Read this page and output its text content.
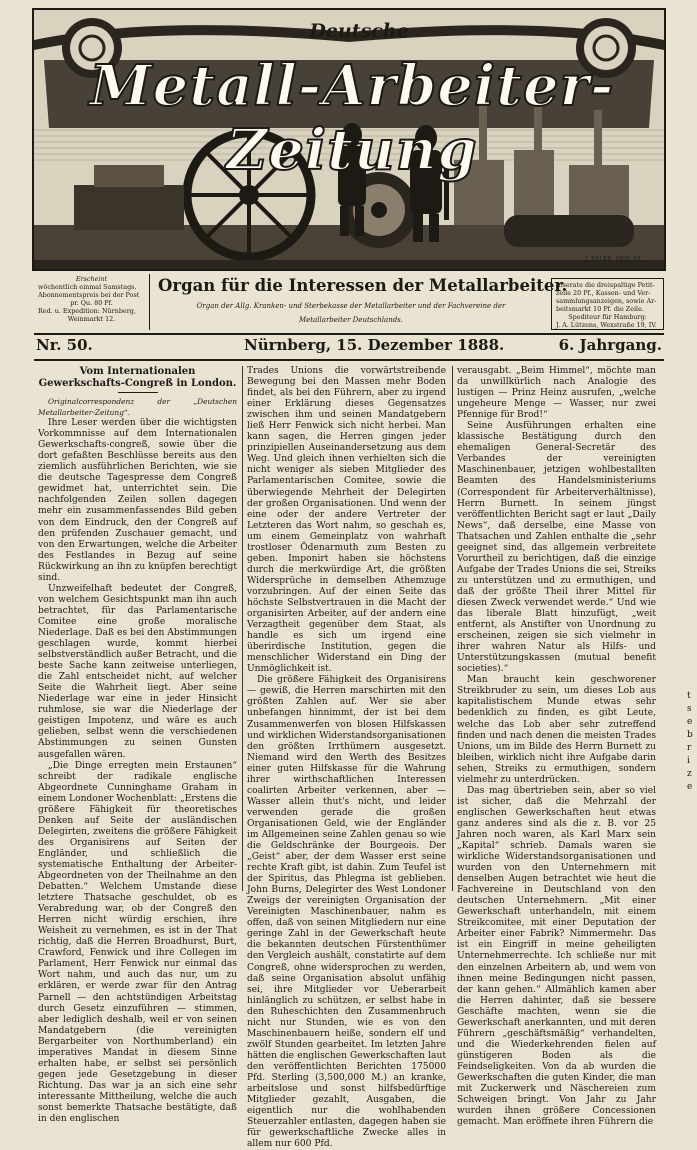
Deutsche
Metall-Arbeiter-Zeitung
J. FALKE, SEN. ST.
Erscheint
wöchentlich einmal Samstags.
Abonnementspreis bei der Post
pr. Qu. 80 Pf.
Red. u. Expedition: Nürnberg,
Weinmarkt 12.
Organ für die Interessen der Metallarbeiter.
Organ der Allg. Kranken- und Sterbekasse der Metallarbeiter und der Fachvereine der
Metallarbeiter Deutschlands.
Inserate die dreispaltige Petit-
zeile 20 Pf., Kassen- und Ver-
sammlungsanzeigen, sowie Ar-
beitsmarkt 10 Pf. die Zeile.
Spediteur für Hamburg:
J. A. Lützens, Wexstraße 19, IV.
Nr. 50.	Nürnberg, 15. Dezember 1888.	6. Jahrgang.

Vom Internationalen

Gewerkschafts-Congreß in London.

Originalcorrespondenz der „Deutschen Metallarbeiter-Zeitung“.

Ihre Leser werden über die wichtigsten Vorkommnisse auf dem Internationalen Gewerkschafts-congreß, sowie über die dort gefaßten Beschlüsse bereits aus den ziemlich ausführlichen Berichten, wie sie die deutsche Tagespresse dem Congreß gewidmet hat, unterrichtet sein. Die nachfolgenden Zeilen sollen dagegen mehr ein zusammenfassendes Bild geben von dem Eindruck, den der Congreß auf den prüfenden Zuschauer gemacht, und von den Erwartungen, welche die Arbeiter des Festlandes in Bezug auf seine Rückwirkung an ihn zu knüpfen berechtigt sind.

Unzweifelhaft bedeutet der Congreß, von welchem Gesichtspunkt man ihn auch betrachtet, für das Parlamentarische Comitee eine große moralische Niederlage. Daß es bei den Abstimmungen geschlagen wurde, kommt hierbei selbstverständlich außer Betracht, und die beste Sache kann zeitweise unterliegen, die Zahl entscheidet nicht, auf welcher Seite die Wahrheit liegt. Aber seine Niederlage war eine in jeder Hinsicht ruhmlose, sie war die Niederlage der geistigen Impotenz, und wäre es auch gelieben, selbst wenn die verschiedenen Abstimmungen zu seinen Gunsten ausgefallen wären.

„Die Dinge erregten mein Erstaunen“ schreibt der radikale englische Abgeordnete Cunninghame Graham in einem Londoner Wochenblatt: „Erstens die größere Fähigkeit für theoretisches Denken auf Seite der ausländischen Delegirten, zweitens die größere Fähigkeit des Organisirens auf Seiten der Engländer, und schließlich die systematische Enthaltung der Arbeiter-Abgeordneten von der Theilnahme an den Debatten.“ Welchem Umstande diese letztere Thatsache geschuldet, ob es Verabredung war, ob der Congreß den Herren nicht würdig erschien, ihre Weisheit zu vernehmen, es ist in der That richtig, daß die Herren Broadhurst, Burt, Crawford, Fenwick und ihre Collegen im Parlament, Herr Fenwick nur einmal das Wort nahm, und auch das nur, um zu erklären, er werde zwar für den Antrag Parnell — den achtstündigen Arbeitstag durch Gesetz einzuführen — stimmen, aber lediglich deshalb, weil er von seinen Mandatgebern (die vereinigten Bergarbeiter von Northumberland) ein imperatives Mandat in diesem Sinne erhalten habe, er selbst sei persönlich gegen jede Gesetzgebung in dieser Richtung. Das war ja an sich eine sehr interessante Mittheilung, welche die auch sonst bemerkte Thatsache bestätigte, daß in den englischen

Trades Unions die vorwärtstreibende Bewegung bei den Massen mehr Boden findet, als bei den Führern, aber zu irgend einer Erklärung dieses Gegensatzes zwischen ihm und seinen Mandatgebern ließ Herr Fenwick sich nicht herbei. Man kann sagen, die Herren gingen jeder prinzipiellen Auseinandersetzung aus dem Weg. Und gleich ihnen verhielten sich die nicht weniger als sieben Mitglieder des Parlamentarischen Comitee, sowie die überwiegende Mehrheit der Delegirten der großen Organisationen. Und wenn der eine oder der andere Vertreter der Letzteren das Wort nahm, so geschah es, um einem Gemeinplatz von wahrhaft trostloser Ödenarmuth zum Besten zu geben. Imponirt haben sie höchstens durch die merkwürdige Art, die größten Widersprüche in demselben Athemzuge vorzubringen. Auf der einen Seite das höchste Selbstvertrauen in die Macht der organisirten Arbeiter, auf der andern eine Verzagtheit gegenüber dem Staat, als handle es sich um irgend eine überirdische Institution, gegen die menschlicher Widerstand ein Ding der Unmöglichkeit ist.

Die größere Fähigkeit des Organisirens — gewiß, die Herren marschirten mit den größten Zahlen auf. Wer sie aber unbefangen hinnimmt, der ist bei dem Zusammenwerfen von blosen Hilfskassen und wirklichen Widerstandsorganisationen den größten Irrthümern ausgesetzt. Niemand wird den Werth des Besitzes einer guten Hilfskasse für die Wahrung ihrer wirthschaftlichen Interessen coalirten Arbeiter verkennen, aber — Wasser allein thut's nicht, und leider verwenden gerade die großen Organisationen Geld, wie der Engländer im Allgemeinen seine Zahlen genau so wie die Geldschränke der Bourgeois. Der „Geist“ aber, der dem Wasser erst seine rechte Kraft gibt, ist dahin. Zum Teufel ist der Spiritus, das Phlegma ist geblieben. John Burns, Delegirter des West Londoner Zweigs der vereinigten Organisation der Vereinigten Maschinenbauer, nahm es offen, daß von seinen Mitgliedern nur eine geringe Zahl in der Gewerkschaft heute die bekannten deutschen Fürstenthümer den Vergleich aushält, constatirte auf dem Congreß, ohne widersprochen zu werden, daß seine Organisation absolut unfähig sei, ihre Mitglieder vor Ueberarbeit hinlänglich zu schützen, er selbst habe in den Ruheschichten den Zusammenbruch nicht nur Stunden, wie es von den Maschinenbauern heiße, sondern elf und zwölf Stunden gearbeitet. Im letzten Jahre hätten die englischen Gewerkschaften laut den veröffentlichten Berichten 175000 Pfd. Sterling (3,500,000 M.) an kranke, arbeitslose und sonst hilfsbedürftige Mitglieder gezahlt, Ausgaben, die eigentlich nur die wohlhabenden Steuerzahler entlasten, dagegen haben sie für gewerkschaftliche Zwecke alles in allem nur 600 Pfd.

verausgabt. „Beim Himmel“, möchte man da unwillkürlich nach Analogie des lustigen — Prinz Heinz ausrufen, „welche ungeheure Menge — Wasser, nur zwei Pfennige für Brod!“

Seine Ausführungen erhalten eine klassische Bestätigung durch den ehemaligen General-Secretär des Verbandes der vereinigten Maschinenbauer, jetzigen wohlbestallten Beamten des Handelsministeriums (Correspondent für Arbeiterverhältnisse), Herrn Burnett. In seinem jüngst veröffentlichten Bericht sagt er laut „Daily News“, daß derselbe, eine Masse von Thatsachen und Zahlen enthalte die „sehr geeignet sind, das allgemein verbreitete Vorurtheil zu berichtigen, daß die einzige Aufgabe der Trades Unions die sei, Streiks zu unterstützen und zu ermuthigen, und daß der größte Theil ihrer Mittel für diesen Zweck verwendet werde.“ Und wie das liberale Blatt hinzufügt, „weit entfernt, als Anstifter von Unordnung zu erscheinen, zeigen sie sich vielmehr in ihrer wahren Natur als Hilfs- und Unterstützungskassen (mutual benefit societies).“

Man braucht kein geschworener Streikbruder zu sein, um dieses Lob aus kapitalistischem Munde etwas sehr bedenklich zu finden, es gibt Leute, welche das Lob aber sehr zutreffend finden und nach denen die meisten Trades Unions, um im Bilde des Herrn Burnett zu bleiben, wirklich nicht ihre Aufgabe darin sehen, Streiks zu ermuthigen, sondern vielmehr zu unterdrücken.

Das mag übertrieben sein, aber so viel ist sicher, daß die Mehrzahl der englischen Gewerkschaften heut etwas ganz anderes sind als die z. B. vor 25 Jahren noch waren, als Karl Marx sein „Kapital“ schrieb. Damals waren sie wirkliche Widerstandsorganisationen und wurden von den Unternehmern mit denselben Augen betrachtet wie heut die Fachvereine in Deutschland von den deutschen Unternehmern. „Mit einer Gewerkschaft unterhandeln, mit einem Streikcomitee, mit einer Deputation der Arbeiter einer Fabrik? Nimmermehr. Das ist ein Eingriff in meine geheiligten Unternehmerrechte. Ich schließe nur mit den einzelnen Arbeitern ab, und wem von ihnen meine Bedingungen nicht passen, der kann gehen.“ Allmählich kamen aber die Herren dahinter, daß sie bessere Geschäfte machten, wenn sie die Gewerkschaft anerkannten, und mit deren Führern „geschäftsmäßig“ verhandelten, und die Wiederkehrenden fielen auf günstigeren Boden als die Feindseligkeiten. Von da ab wurden die Gewerkschaften die guten Kinder, die man mit Zuckerwerk und Näschereien zum Schweigen bringt. Von Jahr zu Jahr wurden ihnen größere Concessionen gemacht. Man eröffnete ihren Führern die

t
s
e
b
r
i
z
e
